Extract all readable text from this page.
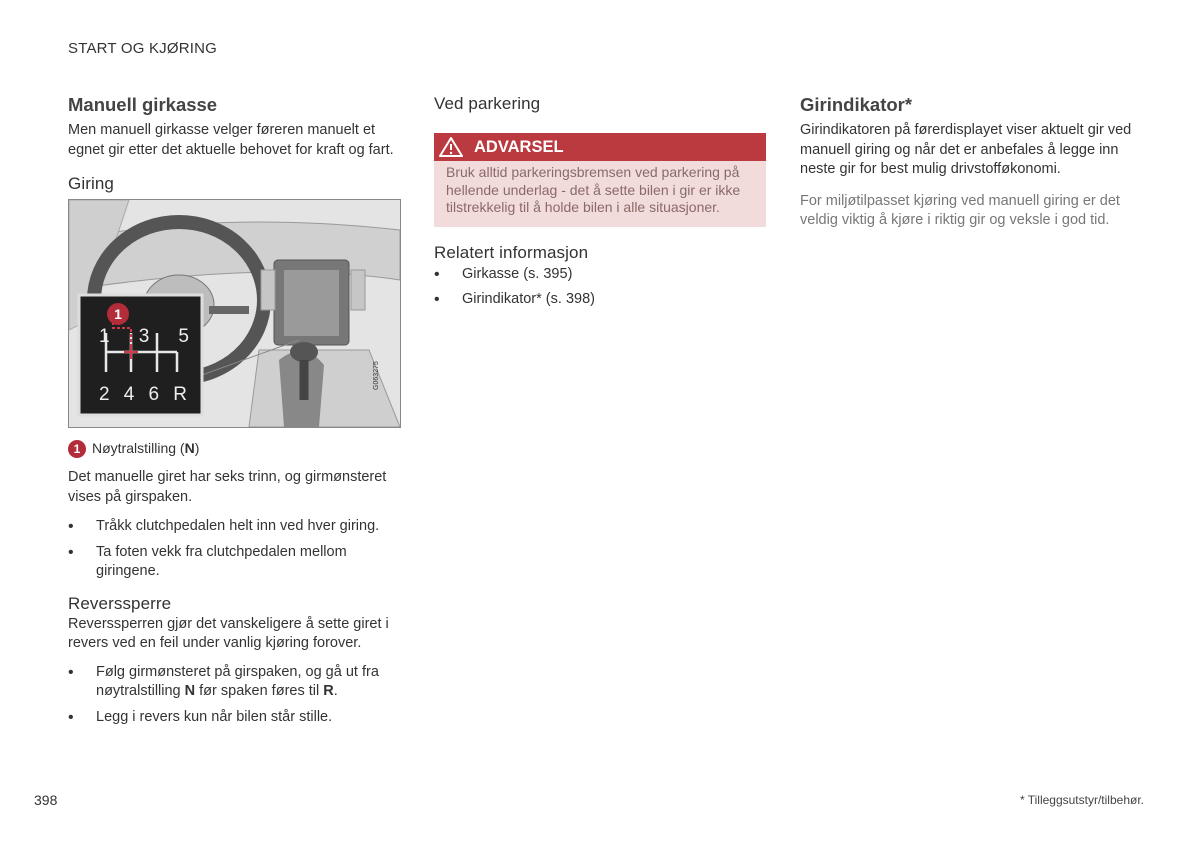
START OG KJØRING
Manuell girkasse

Men manuell girkasse velger føreren manuelt et egnet gir etter det aktuelle behovet for kraft og fart.

Giring
1
1 3 5
2 4 6 R
G063275
1 Nøytralstilling (N)

Det manuelle giret har seks trinn, og girmønsteret vises på girspaken.

• Tråkk clutchpedalen helt inn ved hver giring.
• Ta foten vekk fra clutchpedalen mellom giringene.
Reverssperre

Reverssperren gjør det vanskeligere å sette giret i revers ved en feil under vanlig kjøring forover.

• Følg girmønsteret på girspaken, og gå ut fra nøytralstilling N før spaken føres til R.
• Legg i revers kun når bilen står stille.
Ved parkering
ADVARSEL
Bruk alltid parkeringsbremsen ved parkering på hellende underlag - det å sette bilen i gir er ikke tilstrekkelig til å holde bilen i alle situasjoner.
Relatert informasjon
• Girkasse (s. 395)
• Girindikator* (s. 398)
Girindikator*

Girindikatoren på førerdisplayet viser aktuelt gir ved manuell giring og når det er anbefales å legge inn neste gir for best mulig drivstofføkonomi.

For miljøtilpasset kjøring ved manuell giring er det veldig viktig å kjøre i riktig gir og veksle i god tid.

398	* Tilleggsutstyr/tilbehør.
